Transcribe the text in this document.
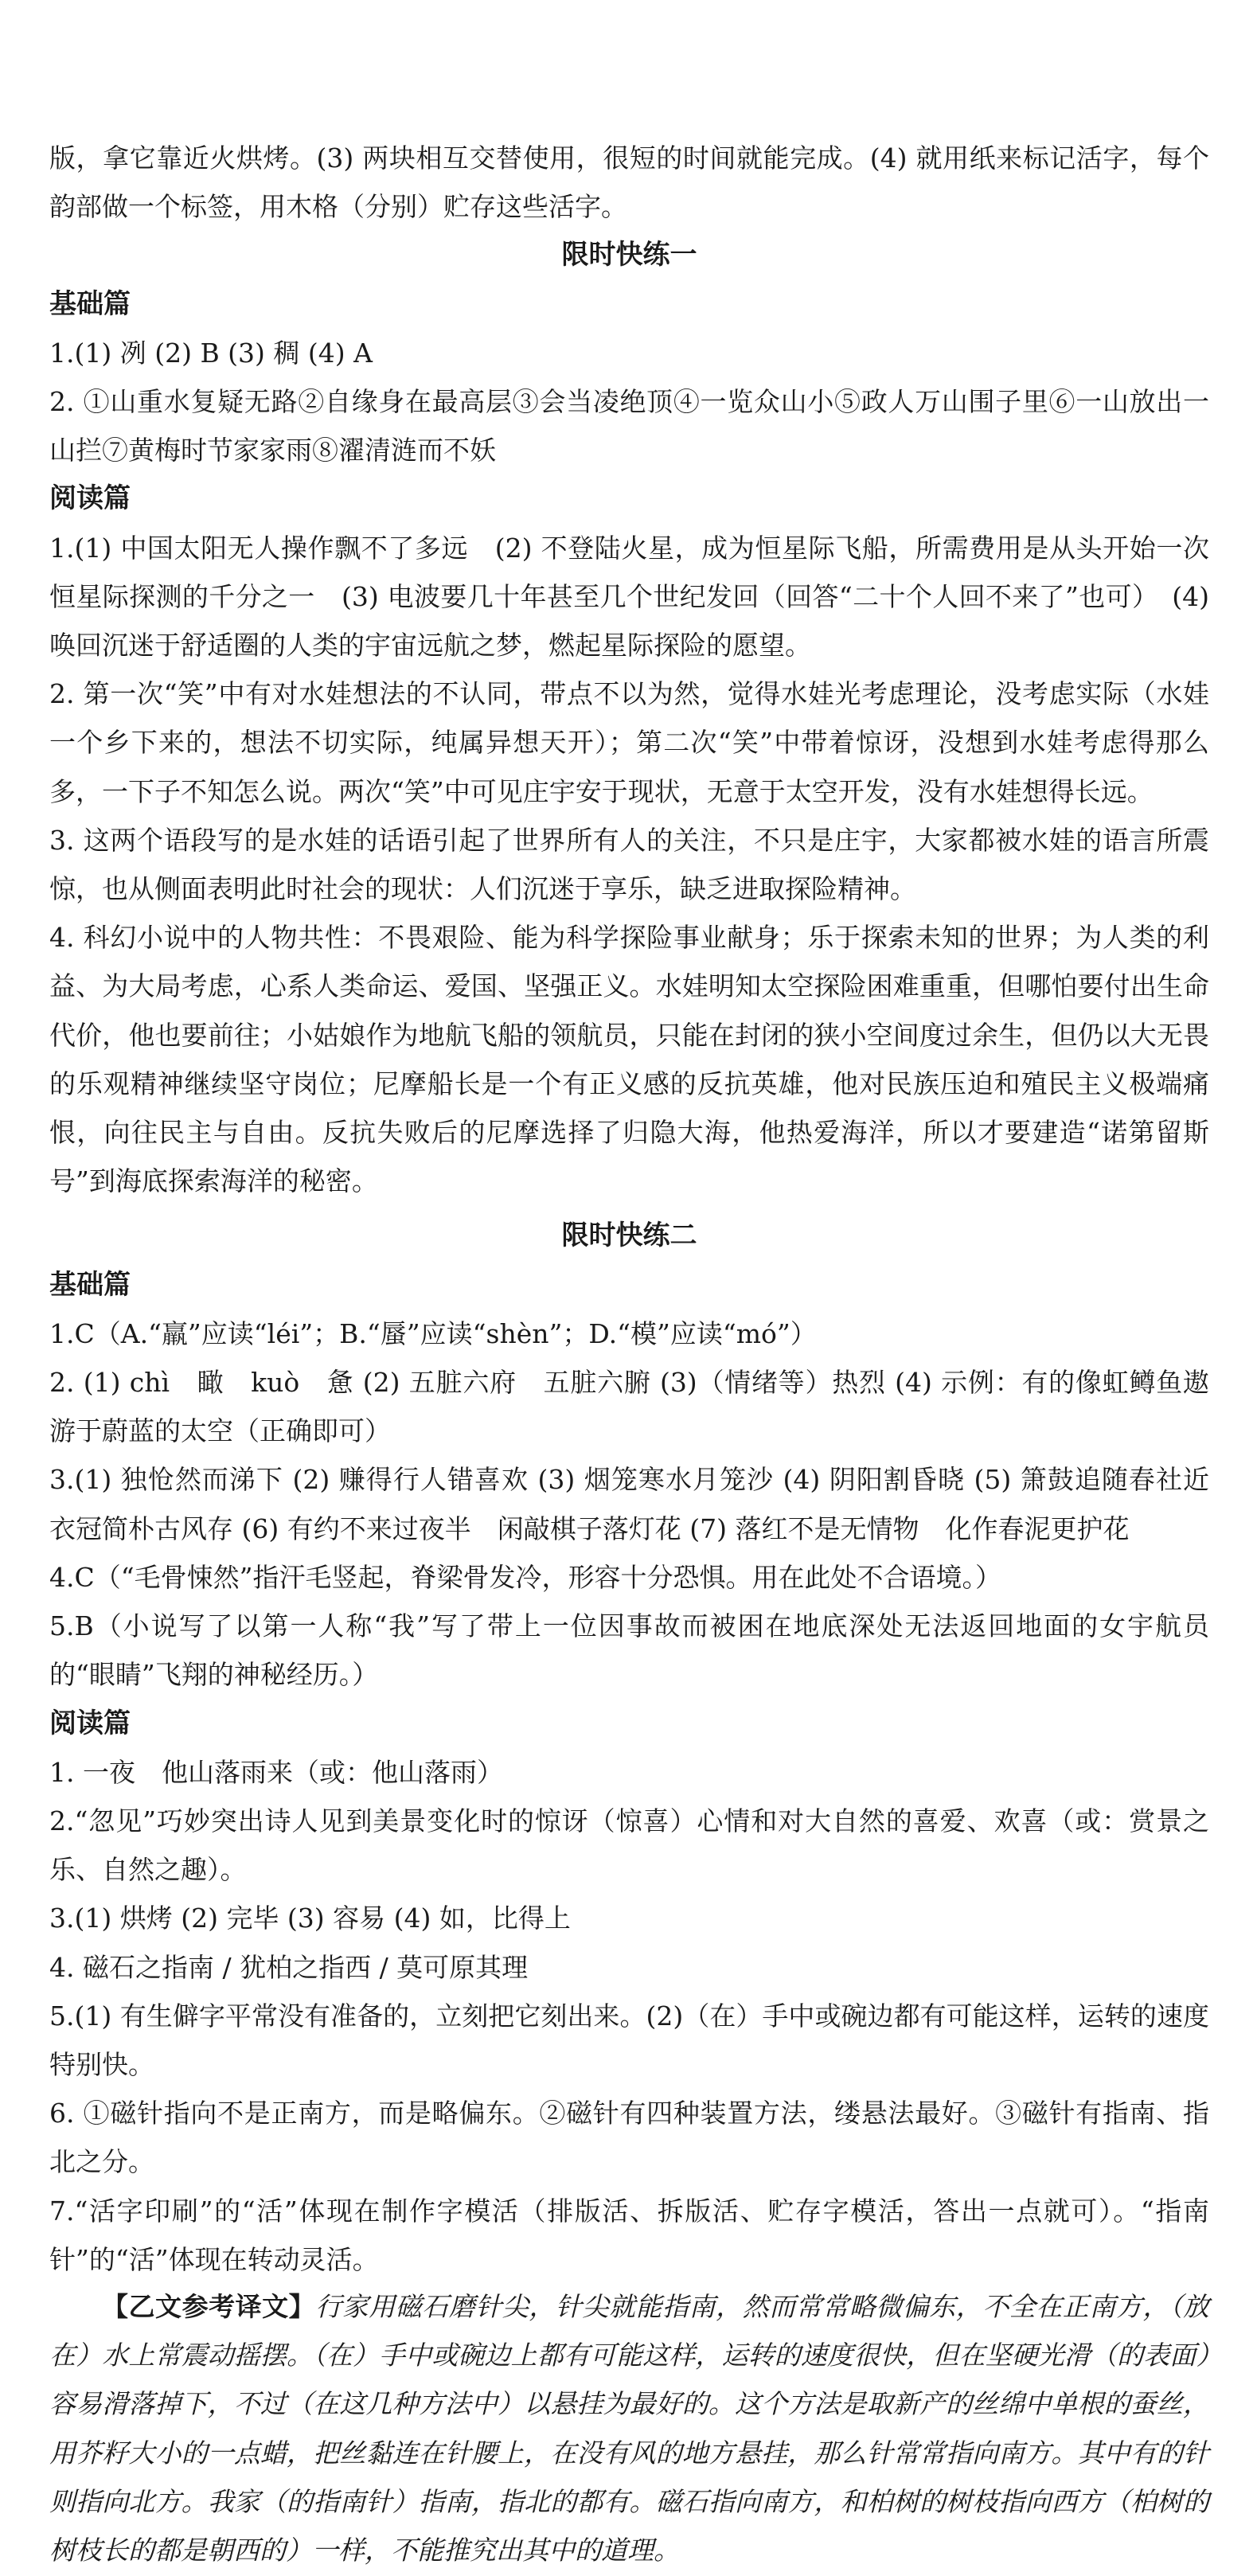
版，拿它靠近火烘烤。(3) 两块相互交替使用，很短的时间就能完成。(4) 就用纸来标记活字，每个韵部做一个标签，用木格（分别）贮存这些活字。

限时快练一

基础篇

1.(1) 冽 (2) B (3) 稠 (4) A

2. ①山重水复疑无路②自缘身在最高层③会当凌绝顶④一览众山小⑤政人万山围子里⑥一山放出一山拦⑦黄梅时节家家雨⑧濯清涟而不妖

阅读篇

1.(1) 中国太阳无人操作飘不了多远　(2) 不登陆火星，成为恒星际飞船，所需费用是从头开始一次恒星际探测的千分之一　(3) 电波要几十年甚至几个世纪发回（回答“二十个人回不来了”也可）　(4) 唤回沉迷于舒适圈的人类的宇宙远航之梦，燃起星际探险的愿望。

2. 第一次“笑”中有对水娃想法的不认同，带点不以为然，觉得水娃光考虑理论，没考虑实际（水娃一个乡下来的，想法不切实际，纯属异想天开）；第二次“笑”中带着惊讶，没想到水娃考虑得那么多，一下子不知怎么说。两次“笑”中可见庄宇安于现状，无意于太空开发，没有水娃想得长远。

3. 这两个语段写的是水娃的话语引起了世界所有人的关注，不只是庄宇，大家都被水娃的语言所震惊，也从侧面表明此时社会的现状：人们沉迷于享乐，缺乏进取探险精神。

4. 科幻小说中的人物共性：不畏艰险、能为科学探险事业献身；乐于探索未知的世界；为人类的利益、为大局考虑，心系人类命运、爱国、坚强正义。水娃明知太空探险困难重重，但哪怕要付出生命代价，他也要前往；小姑娘作为地航飞船的领航员，只能在封闭的狭小空间度过余生，但仍以大无畏的乐观精神继续坚守岗位；尼摩船长是一个有正义感的反抗英雄，他对民族压迫和殖民主义极端痛恨，向往民主与自由。反抗失败后的尼摩选择了归隐大海，他热爱海洋，所以才要建造“诺第留斯号”到海底探索海洋的秘密。

限时快练二

基础篇

1.C（A.“羸”应读“léi”；B.“蜃”应读“shèn”；D.“模”应读“mó”）

2. (1) chì　瞰　kuò　惫 (2) 五脏六府　五脏六腑 (3)（情绪等）热烈 (4) 示例：有的像虹鳟鱼遨游于蔚蓝的太空（正确即可）

3.(1) 独怆然而涕下 (2) 赚得行人错喜欢 (3) 烟笼寒水月笼沙 (4) 阴阳割昏晓 (5) 箫鼓追随春社近　衣冠简朴古风存 (6) 有约不来过夜半　闲敲棋子落灯花 (7) 落红不是无情物　化作春泥更护花

4.C（“毛骨悚然”指汗毛竖起，脊梁骨发冷，形容十分恐惧。用在此处不合语境。）

5.B（小说写了以第一人称“我”写了带上一位因事故而被困在地底深处无法返回地面的女宇航员的“眼睛”飞翔的神秘经历。）

阅读篇

1. 一夜　他山落雨来（或：他山落雨）

2.“忽见”巧妙突出诗人见到美景变化时的惊讶（惊喜）心情和对大自然的喜爱、欢喜（或：赏景之乐、自然之趣）。

3.(1) 烘烤 (2) 完毕 (3) 容易 (4) 如，比得上

4. 磁石之指南 / 犹柏之指西 / 莫可原其理

5.(1) 有生僻字平常没有准备的，立刻把它刻出来。(2)（在）手中或碗边都有可能这样，运转的速度特别快。

6. ①磁针指向不是正南方，而是略偏东。②磁针有四种装置方法，缕悬法最好。③磁针有指南、指北之分。

7.“活字印刷”的“活”体现在制作字模活（排版活、拆版活、贮存字模活，答出一点就可）。“指南针”的“活”体现在转动灵活。

【乙文参考译文】行家用磁石磨针尖，针尖就能指南，然而常常略微偏东，不全在正南方，（放在）水上常震动摇摆。（在）手中或碗边上都有可能这样，运转的速度很快，但在坚硬光滑（的表面）容易滑落掉下，不过（在这几种方法中）以悬挂为最好的。这个方法是取新产的丝绵中单根的蚕丝，用芥籽大小的一点蜡，把丝黏连在针腰上，在没有风的地方悬挂，那么针常常指向南方。其中有的针则指向北方。我家（的指南针）指南，指北的都有。磁石指向南方，和柏树的树枝指向西方（柏树的树枝长的都是朝西的）一样，不能推究出其中的道理。
